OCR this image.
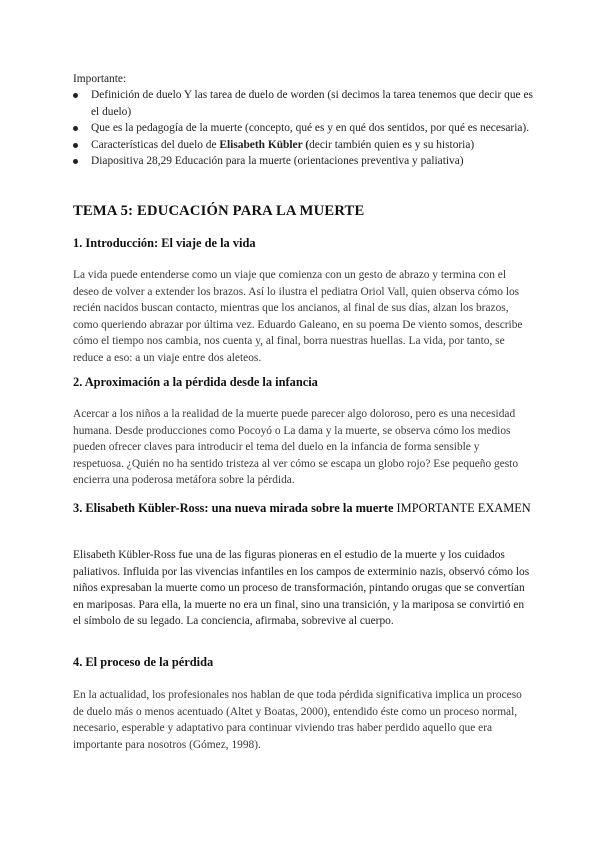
Importante:
Definición de duelo Y las tarea de duelo de worden (si decimos la tarea tenemos que decir que es el duelo)
Que es la pedagogía de la muerte (concepto, qué es y en qué dos sentidos, por qué es necesaria).
Características del duelo de Elisabeth Kübler (decir también quien es y su historia)
Diapositiva 28,29 Educación para la muerte (orientaciones preventiva y paliativa)
TEMA 5: EDUCACIÓN PARA LA MUERTE
1. Introducción: El viaje de la vida
La vida puede entenderse como un viaje que comienza con un gesto de abrazo y termina con el deseo de volver a extender los brazos. Así lo ilustra el pediatra Oriol Vall, quien observa cómo los recién nacidos buscan contacto, mientras que los ancianos, al final de sus días, alzan los brazos, como queriendo abrazar por última vez. Eduardo Galeano, en su poema De viento somos, describe cómo el tiempo nos cambia, nos cuenta y, al final, borra nuestras huellas. La vida, por tanto, se reduce a eso: a un viaje entre dos aleteos.
2. Aproximación a la pérdida desde la infancia
Acercar a los niños a la realidad de la muerte puede parecer algo doloroso, pero es una necesidad humana. Desde producciones como Pocoyó o La dama y la muerte, se observa cómo los medios pueden ofrecer claves para introducir el tema del duelo en la infancia de forma sensible y respetuosa. ¿Quién no ha sentido tristeza al ver cómo se escapa un globo rojo? Ese pequeño gesto encierra una poderosa metáfora sobre la pérdida.
3. Elisabeth Kübler-Ross: una nueva mirada sobre la muerte IMPORTANTE EXAMEN
Elisabeth Kübler-Ross fue una de las figuras pioneras en el estudio de la muerte y los cuidados paliativos. Influida por las vivencias infantiles en los campos de exterminio nazis, observó cómo los niños expresaban la muerte como un proceso de transformación, pintando orugas que se convertían en mariposas. Para ella, la muerte no era un final, sino una transición, y la mariposa se convirtió en el símbolo de su legado. La conciencia, afirmaba, sobrevive al cuerpo.
4. El proceso de la pérdida
En la actualidad, los profesionales nos hablan de que toda pérdida significativa implica un proceso de duelo más o menos acentuado (Altet y Boatas, 2000), entendido éste como un proceso normal, necesario, esperable y adaptativo para continuar viviendo tras haber perdido aquello que era importante para nosotros (Gómez, 1998).
